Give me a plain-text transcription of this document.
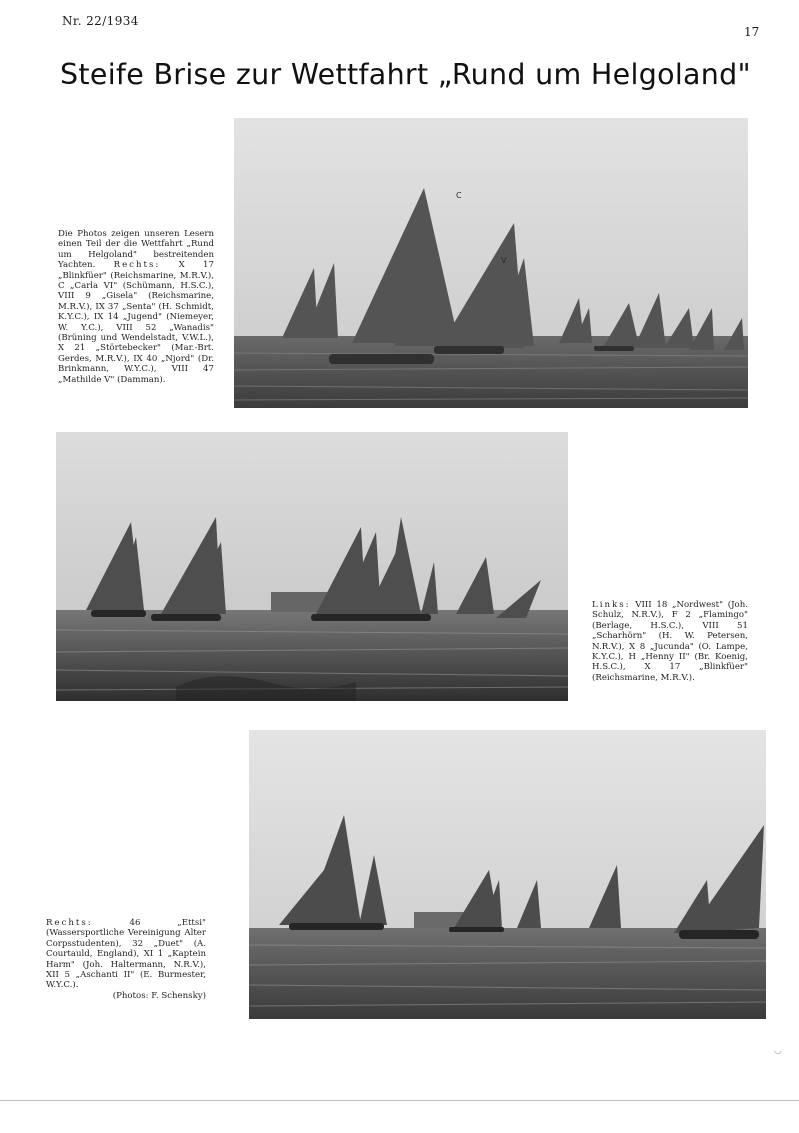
Nr. 22/1934
17
Steife Brise zur Wettfahrt „Rund um Helgoland"
C
V
Die Photos zeigen unseren Lesern einen Teil der die Wettfahrt „Rund um Helgoland" bestreitenden Yachten. Rechts: X 17 „Blinkfüer" (Reichsmarine, M.R.V.), C „Carla VI" (Schümann, H.S.C.), VIII 9 „Gisela" (Reichsmarine, M.R.V.), IX 37 „Senta" (H. Schmidt, K.Y.C.), IX 14 „Jugend" (Niemeyer, W. Y.C.), VIII 52 „Wanadis" (Brüning und Wendelstadt, V.W.L.), X 21 „Störtebecker" (Mar.-Brt. Gerdes, M.R.V.), IX 40 „Njord" (Dr. Brinkmann, W.Y.C.), VIII 47 „Mathilde V" (Damman).
Links: VIII 18 „Nordwest" (Joh. Schulz, N.R.V.), F 2 „Flamingo" (Berlage, H.S.C.), VIII 51 „Scharhörn" (H. W. Petersen, N.R.V.), X 8 „Jucunda" (O. Lampe, K.Y.C.), H „Henny II" (Br. Koenig, H.S.C.), X 17 „Blinkfüer" (Reichsmarine, M.R.V.).
Rechts: 46 „Ettsi" (Wassersportliche Vereinigung Alter Corpsstudenten), 32 „Duet" (A. Courtauld, England), XI 1 „Kaptein Harm" (Joh. Haltermann, N.R.V.), XII 5 „Aschanti II" (E. Burmester, W.Y.C.).
(Photos: F. Schensky)
◡
